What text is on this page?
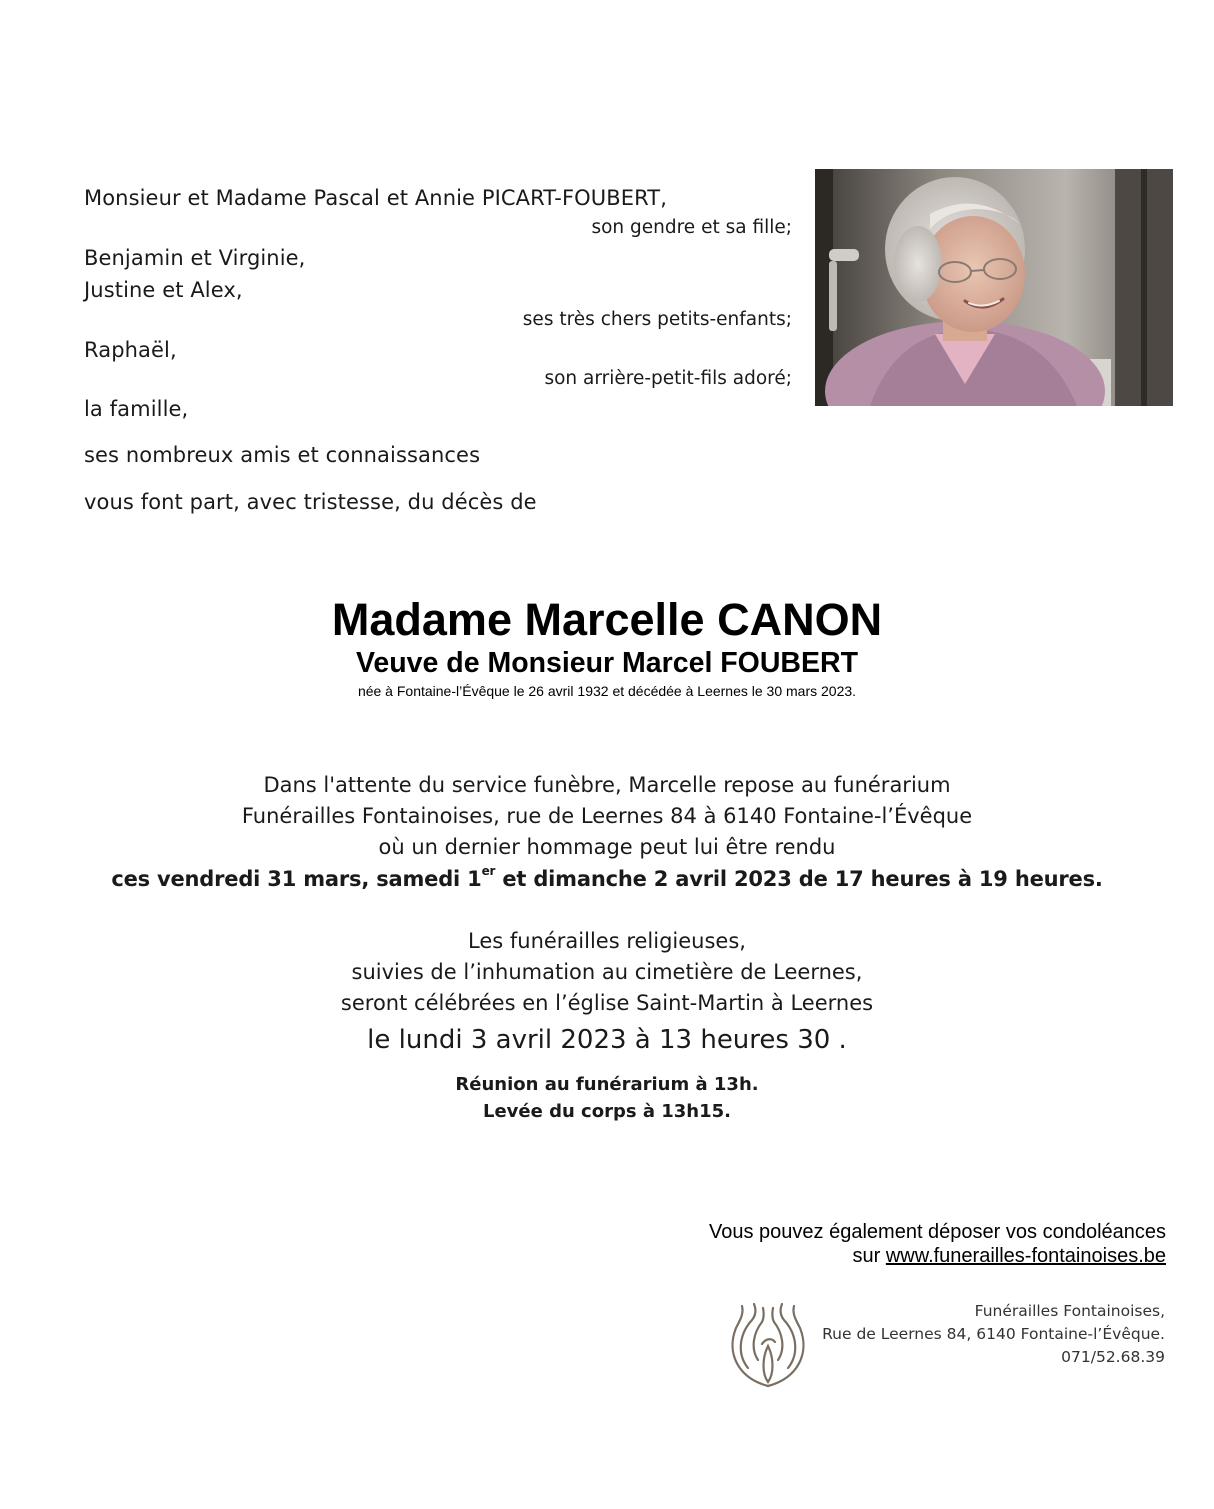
Monsieur et Madame Pascal et Annie PICART-FOUBERT,
son gendre et sa fille;
Benjamin et Virginie,
Justine et Alex,
ses très chers petits-enfants;
Raphaël,
son arrière-petit-fils adoré;
la famille,
ses nombreux amis et connaissances
vous font part, avec tristesse, du décès de
Madame Marcelle CANON
Veuve de Monsieur Marcel FOUBERT
née à Fontaine-l’Évêque le 26 avril 1932 et décédée à Leernes le 30 mars 2023.
Dans l'attente du service funèbre, Marcelle repose au funérarium
Funérailles Fontainoises, rue de Leernes 84 à 6140 Fontaine-l’Évêque
où un dernier hommage peut lui être rendu
ces vendredi 31 mars, samedi 1er et dimanche 2 avril 2023 de 17 heures à 19 heures.
Les funérailles religieuses,
suivies de l’inhumation au cimetière de Leernes,
seront célébrées en l’église Saint-Martin à Leernes
le lundi 3 avril 2023 à 13 heures 30 .
Réunion au funérarium à 13h.
Levée du corps à 13h15.
Vous pouvez également déposer vos condoléances
sur www.funerailles-fontainoises.be
Funérailles Fontainoises,
Rue de Leernes 84, 6140 Fontaine-l’Évêque.
071/52.68.39
